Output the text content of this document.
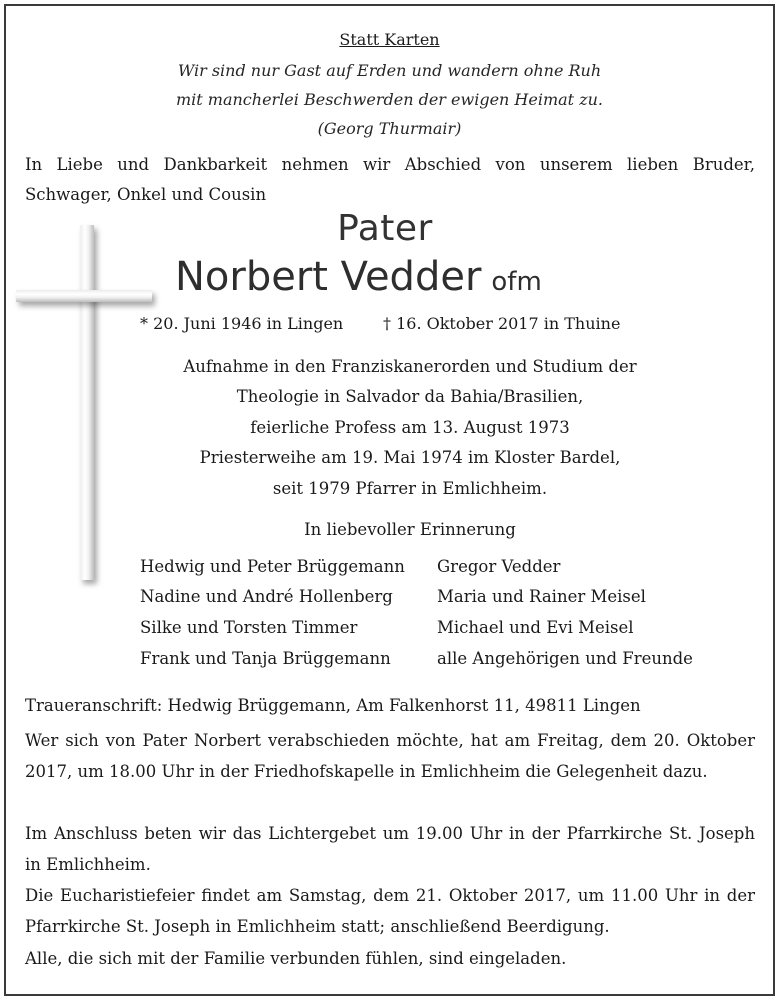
Statt Karten

Wir sind nur Gast auf Erden und wandern ohne Ruh

mit mancherlei Beschwerden der ewigen Heimat zu.

(Georg Thurmair)

In Liebe und Dankbarkeit nehmen wir Abschied von unserem lieben Bruder, Schwager, Onkel und Cousin

Pater

Norbert Vedder ofm

* 20. Juni 1946 in Lingen † 16. Oktober 2017 in Thuine

Aufnahme in den Franziskanerorden und Studium der

Theologie in Salvador da Bahia/Brasilien,

feierliche Profess am 13. August 1973

Priesterweihe am 19. Mai 1974 im Kloster Bardel,

seit 1979 Pfarrer in Emlichheim.

In liebevoller Erinnerung

Hedwig und Peter Brüggemann

Nadine und André Hollenberg

Silke und Torsten Timmer

Frank und Tanja Brüggemann

Gregor Vedder

Maria und Rainer Meisel

Michael und Evi Meisel

alle Angehörigen und Freunde

Traueranschrift: Hedwig Brüggemann, Am Falkenhorst 11, 49811 Lingen

Wer sich von Pater Norbert verabschieden möchte, hat am Freitag, dem 20. Oktober 2017, um 18.00 Uhr in der Friedhofskapelle in Emlichheim die Gelegenheit dazu.

Im Anschluss beten wir das Lichtergebet um 19.00 Uhr in der Pfarrkirche St. Joseph in Emlichheim.

Die Eucharistiefeier findet am Samstag, dem 21. Oktober 2017, um 11.00 Uhr in der Pfarrkirche St. Joseph in Emlichheim statt; anschließend Beerdigung.

Alle, die sich mit der Familie verbunden fühlen, sind eingeladen.
